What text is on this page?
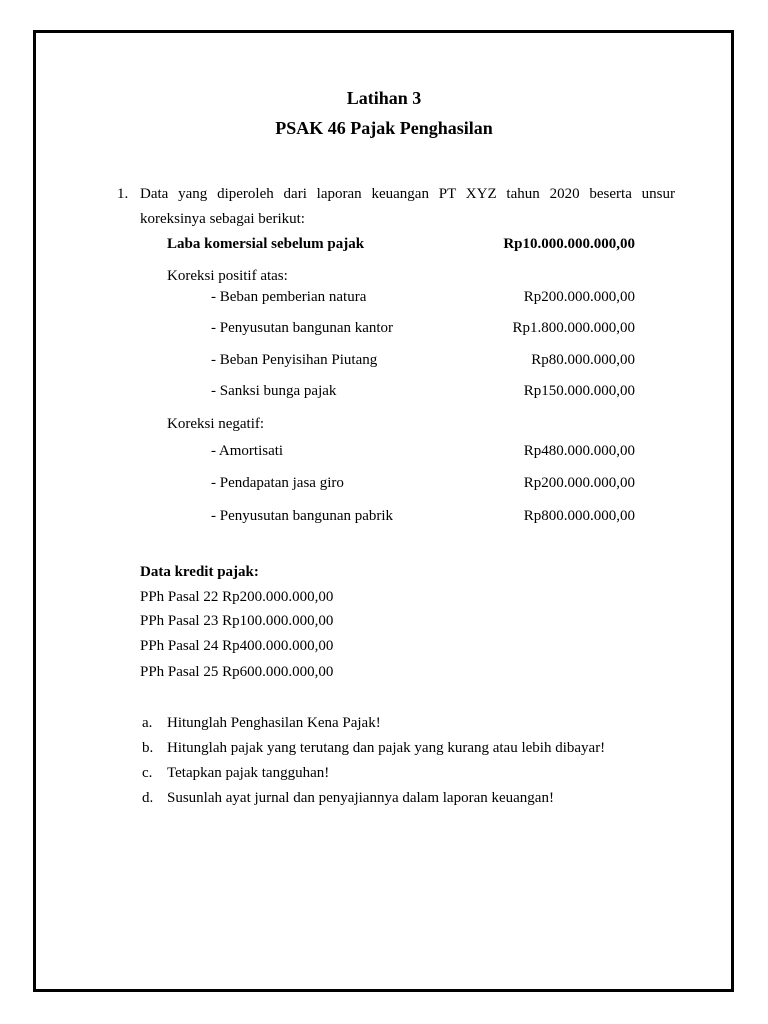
Latihan 3
PSAK 46 Pajak Penghasilan
1. Data yang diperoleh dari laporan keuangan PT XYZ tahun 2020 beserta unsur
koreksinya sebagai berikut:
Laba komersial sebelum pajak	Rp10.000.000.000,00
Koreksi positif atas:
- Beban pemberian natura	Rp200.000.000,00
- Penyusutan bangunan kantor	Rp1.800.000.000,00
- Beban Penyisihan Piutang	Rp80.000.000,00
- Sanksi bunga pajak	Rp150.000.000,00
Koreksi negatif:
- Amortisati	Rp480.000.000,00
- Pendapatan jasa giro	Rp200.000.000,00
- Penyusutan bangunan pabrik	Rp800.000.000,00
Data kredit pajak:
PPh Pasal 22 Rp200.000.000,00
PPh Pasal 23 Rp100.000.000,00
PPh Pasal 24 Rp400.000.000,00
PPh Pasal 25 Rp600.000.000,00
a. Hitunglah Penghasilan Kena Pajak!
b. Hitunglah pajak yang terutang dan pajak yang kurang atau lebih dibayar!
c. Tetapkan pajak tangguhan!
d. Susunlah ayat jurnal dan penyajiannya dalam laporan keuangan!
